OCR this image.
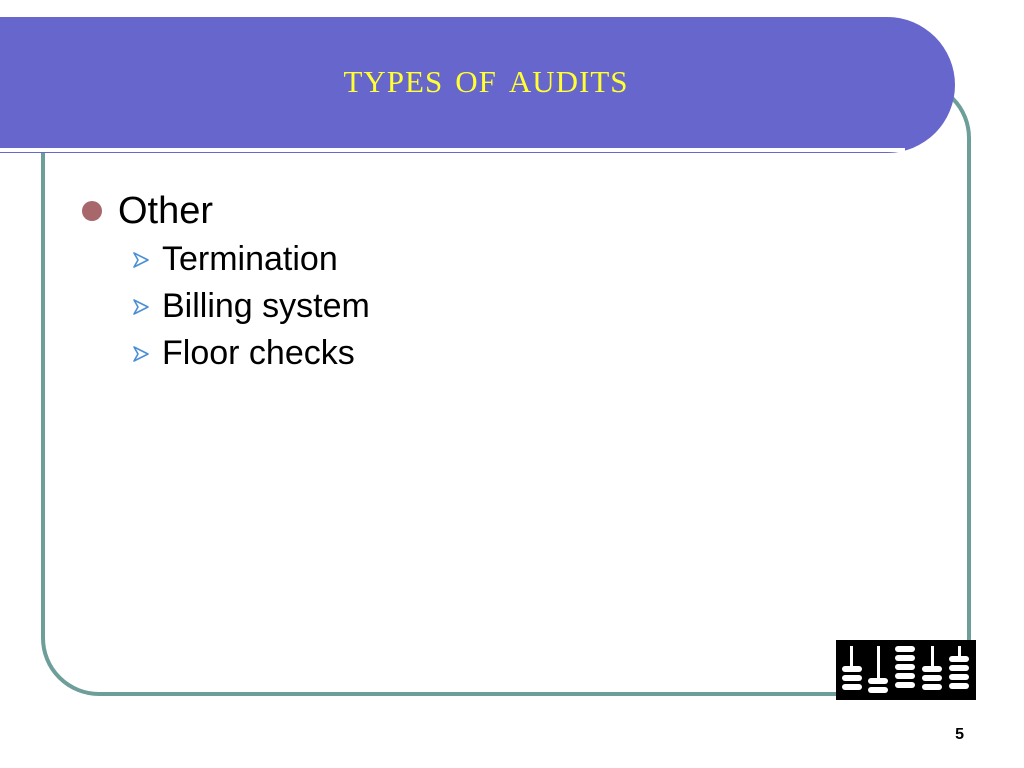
types of audits
Other
Termination
Billing system
Floor checks
5
